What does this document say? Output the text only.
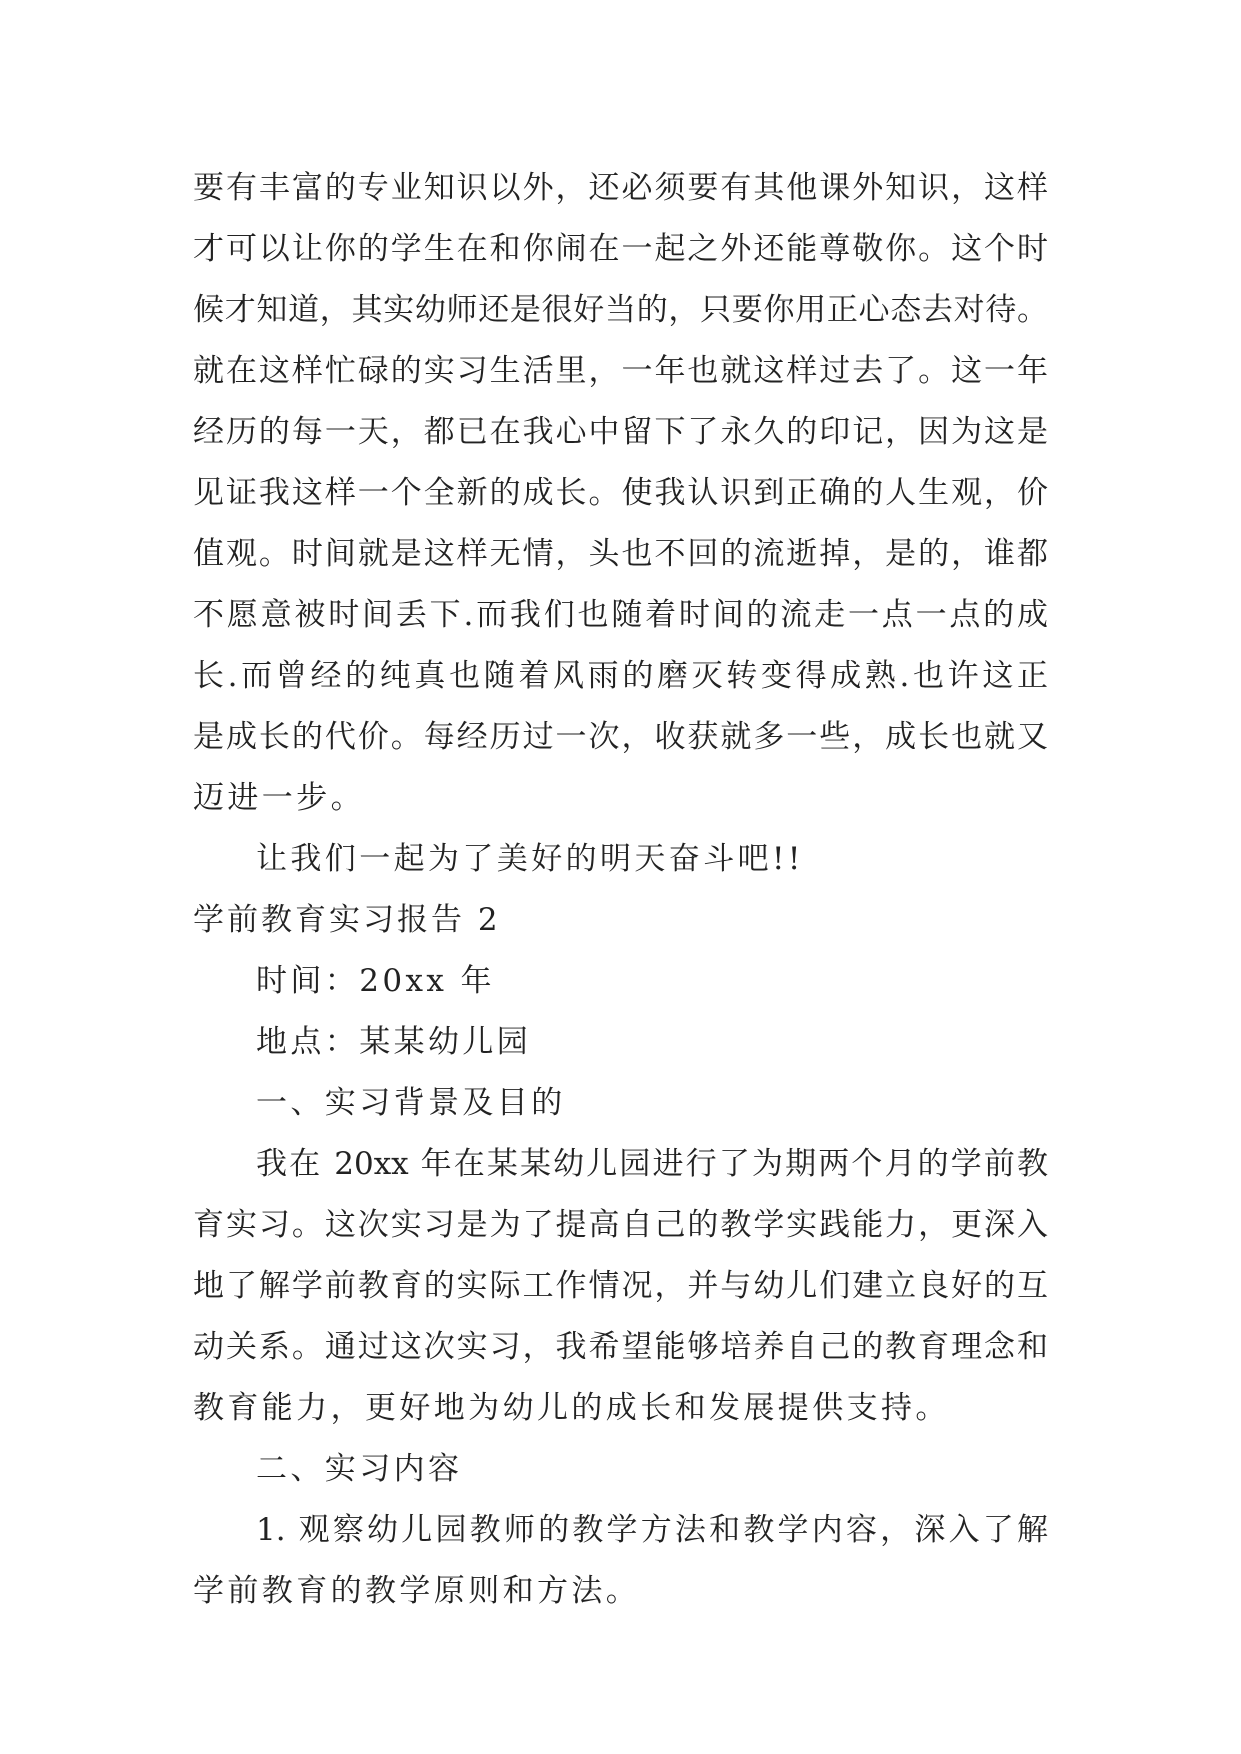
要有丰富的专业知识以外，还必须要有其他课外知识，这样
才可以让你的学生在和你闹在一起之外还能尊敬你。这个时
候才知道，其实幼师还是很好当的，只要你用正心态去对待。
就在这样忙碌的实习生活里，一年也就这样过去了。这一年
经历的每一天，都已在我心中留下了永久的印记，因为这是
见证我这样一个全新的成长。使我认识到正确的人生观，价
值观。时间就是这样无情，头也不回的流逝掉，是的，谁都
不愿意被时间丢下.而我们也随着时间的流走一点一点的成
长.而曾经的纯真也随着风雨的磨灭转变得成熟.也许这正
是成长的代价。每经历过一次，收获就多一些，成长也就又
迈进一步。
让我们一起为了美好的明天奋斗吧!!
学前教育实习报告 2
时间：20xx 年
地点：某某幼儿园
一、实习背景及目的
我在 20xx 年在某某幼儿园进行了为期两个月的学前教
育实习。这次实习是为了提高自己的教学实践能力，更深入
地了解学前教育的实际工作情况，并与幼儿们建立良好的互
动关系。通过这次实习，我希望能够培养自己的教育理念和
教育能力，更好地为幼儿的成长和发展提供支持。
二、实习内容
1. 观察幼儿园教师的教学方法和教学内容，深入了解
学前教育的教学原则和方法。
